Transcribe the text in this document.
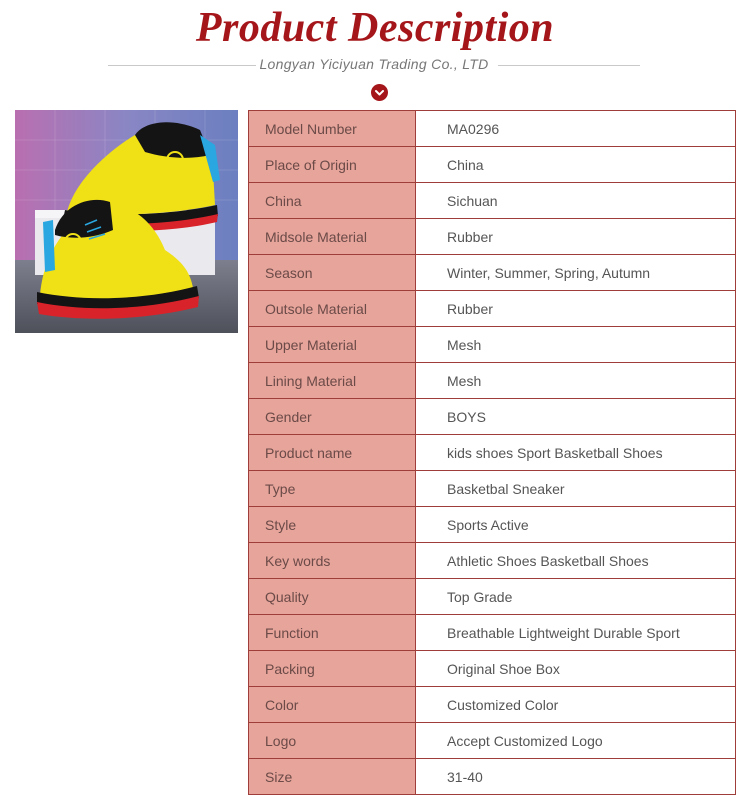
Product Description
Longyan Yiciyuan Trading Co., LTD
Model Number	MA0296
Place of Origin	China
China	Sichuan
Midsole Material	Rubber
Season	Winter, Summer, Spring, Autumn
Outsole Material	Rubber
Upper Material	Mesh
Lining Material	Mesh
Gender	BOYS
Product name	kids shoes Sport Basketball Shoes
Type	Basketbal Sneaker
Style	Sports Active
Key words	Athletic Shoes Basketball Shoes
Quality	Top Grade
Function	Breathable Lightweight Durable Sport
Packing	Original Shoe Box
Color	Customized Color
Logo	Accept Customized Logo
Size	31-40
